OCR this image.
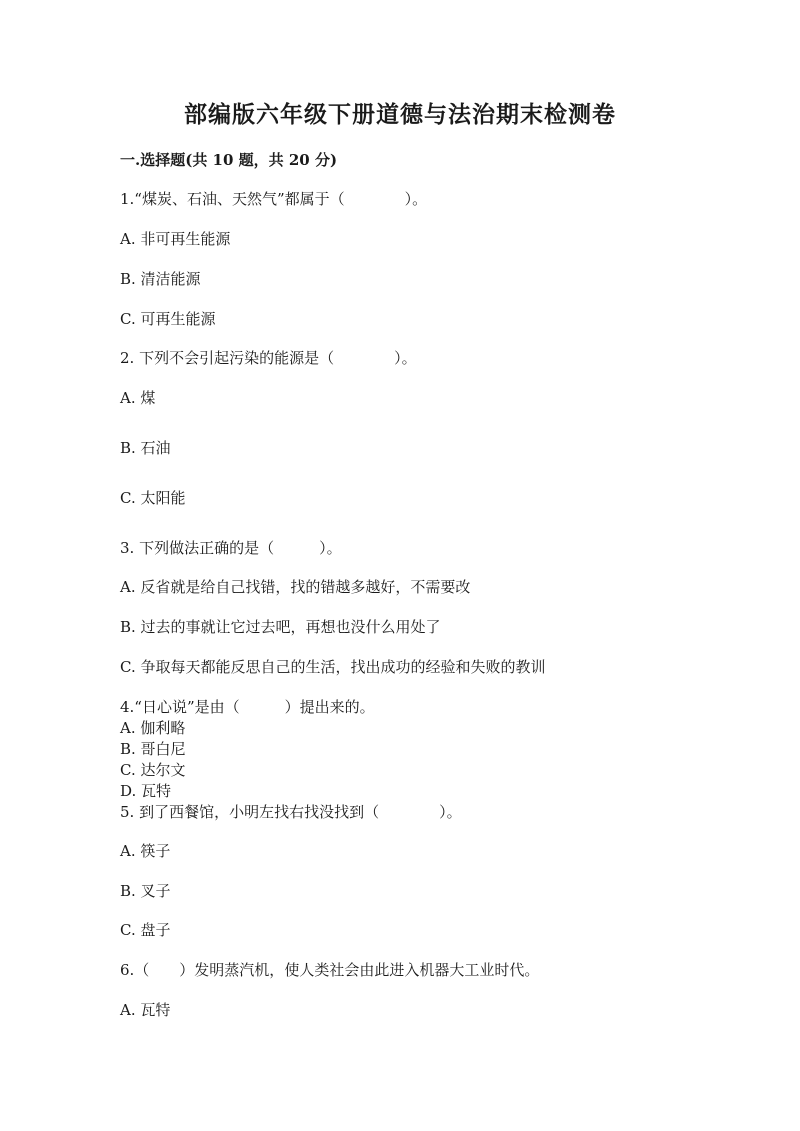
部编版六年级下册道德与法治期末检测卷
一.选择题(共 10 题，共 20 分)
1.“煤炭、石油、天然气”都属于（　　　　）。
A. 非可再生能源
B. 清洁能源
C. 可再生能源
2. 下列不会引起污染的能源是（　　　　）。
A. 煤
B. 石油
C. 太阳能
3. 下列做法正确的是（　　　）。
A. 反省就是给自己找错，找的错越多越好，不需要改
B. 过去的事就让它过去吧，再想也没什么用处了
C. 争取每天都能反思自己的生活，找出成功的经验和失败的教训
4.“日心说”是由（　　　）提出来的。
A. 伽利略
B. 哥白尼
C. 达尔文
D. 瓦特
5. 到了西餐馆，小明左找右找没找到（　　　　）。
A. 筷子
B. 叉子
C. 盘子
6.（　　）发明蒸汽机，使人类社会由此进入机器大工业时代。
A. 瓦特
